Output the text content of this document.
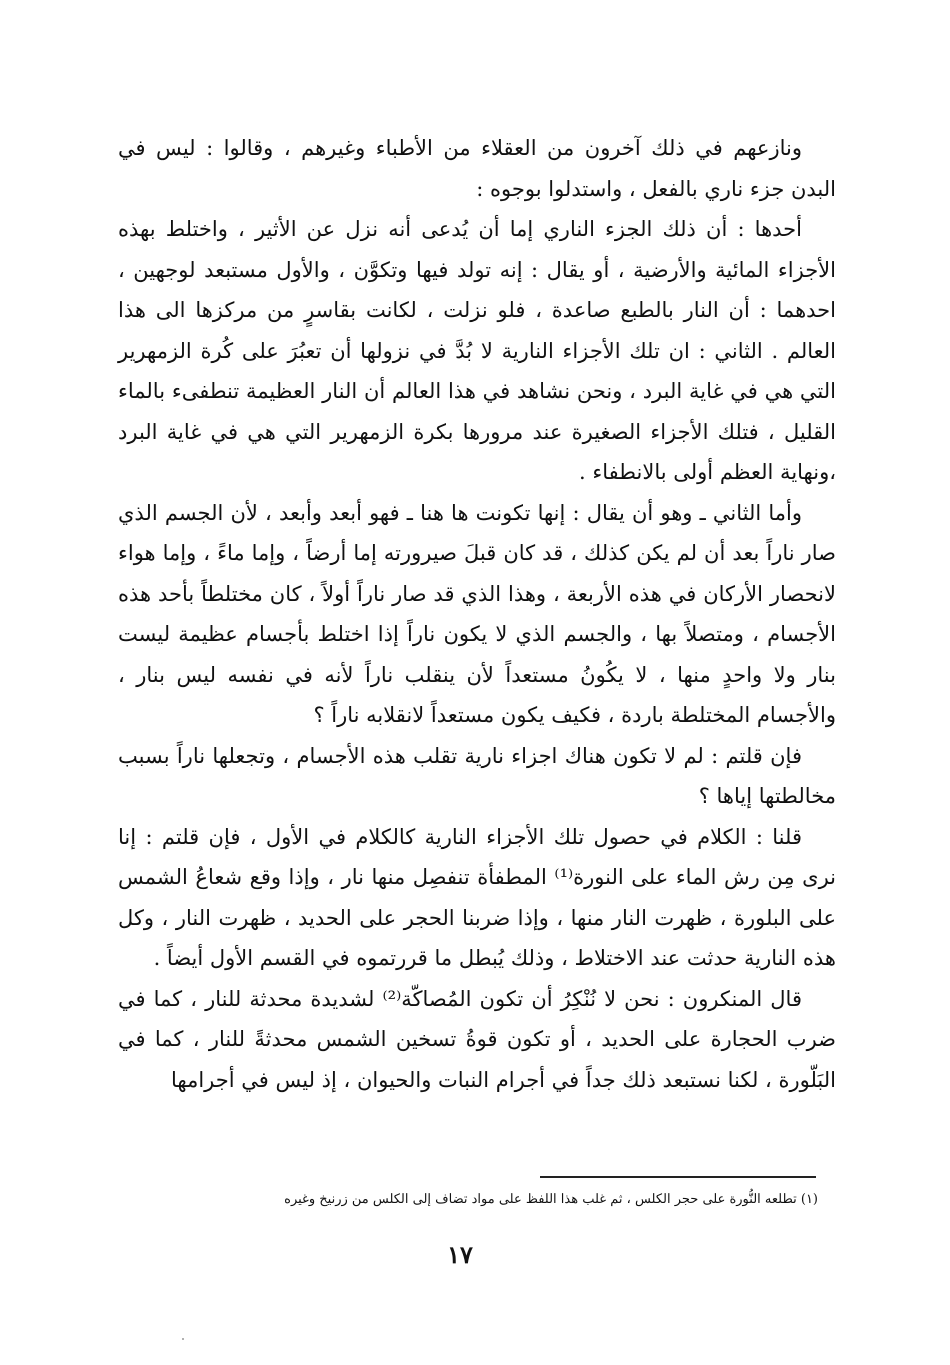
ونازعهم في ذلك آخرون من العقلاء من الأطباء وغيرهم ، وقالوا : ليس في البدن جزء ناري بالفعل ، واستدلوا بوجوه :

أحدها : أن ذلك الجزء الناري إما أن يُدعى أنه نزل عن الأثير ، واختلط بهذه الأجزاء المائية والأرضية ، أو يقال : إنه تولد فيها وتكوَّن ، والأول مستبعد لوجهين ، احدهما : أن النار بالطبع صاعدة ، فلو نزلت ، لكانت بقاسرٍ من مركزها الى هذا العالم . الثاني : ان تلك الأجزاء النارية لا بُدَّ في نزولها أن تعبُرَ على كُرة الزمهرير التي هي في غاية البرد ، ونحن نشاهد في هذا العالم أن النار العظيمة تنطفىء بالماء القليل ، فتلك الأجزاء الصغيرة عند مرورها بكرة الزمهرير التي هي في غاية البرد ،ونهاية العظم أولى بالانطفاء .

وأما الثاني ـ وهو أن يقال : إنها تكونت ها هنا ـ فهو أبعد وأبعد ، لأن الجسم الذي صار ناراً بعد أن لم يكن كذلك ، قد كان قبلَ صيرورته إما أرضاً ، وإما ماءً ، وإما هواء لانحصار الأركان في هذه الأربعة ، وهذا الذي قد صار ناراً أولاً ، كان مختلطاً بأحد هذه الأجسام ، ومتصلاً بها ، والجسم الذي لا يكون ناراً إذا اختلط بأجسام عظيمة ليست بنار ولا واحدٍ منها ، لا يكُونُ مستعداً لأن ينقلب ناراً لأنه في نفسه ليس بنار ، والأجسام المختلطة باردة ، فكيف يكون مستعداً لانقلابه ناراً ؟

فإن قلتم : لم لا تكون هناك اجزاء نارية تقلب هذه الأجسام ، وتجعلها ناراً بسبب مخالطتها إياها ؟

قلنا : الكلام في حصول تلك الأجزاء النارية كالكلام في الأول ، فإن قلتم : إنا نرى مِن رش الماء على النورة⁽¹⁾ المطفأة تنفصِل منها نار ، وإذا وقع شعاعُ الشمس على البلورة ، ظهرت النار منها ، وإذا ضربنا الحجر على الحديد ، ظهرت النار ، وكل هذه النارية حدثت عند الاختلاط ، وذلك يُبطل ما قررتموه في القسم الأول أيضاً .

قال المنكرون : نحن لا نُنْكِرُ أن تكون المُصاكّة⁽²⁾ لشديدة محدثة للنار ، كما في ضرب الحجارة على الحديد ، أو تكون قوةُ تسخين الشمس محدثةً للنار ، كما في البَلّورة ، لكنا نستبعد ذلك جداً في أجرام النبات والحيوان ، إذ ليس في أجرامها

(١) تطلعه النُّورة على حجر الكلس ، ثم غلب هذا اللفظ على مواد تضاف إلى الكلس من زرنيخ وغيره
١٧
